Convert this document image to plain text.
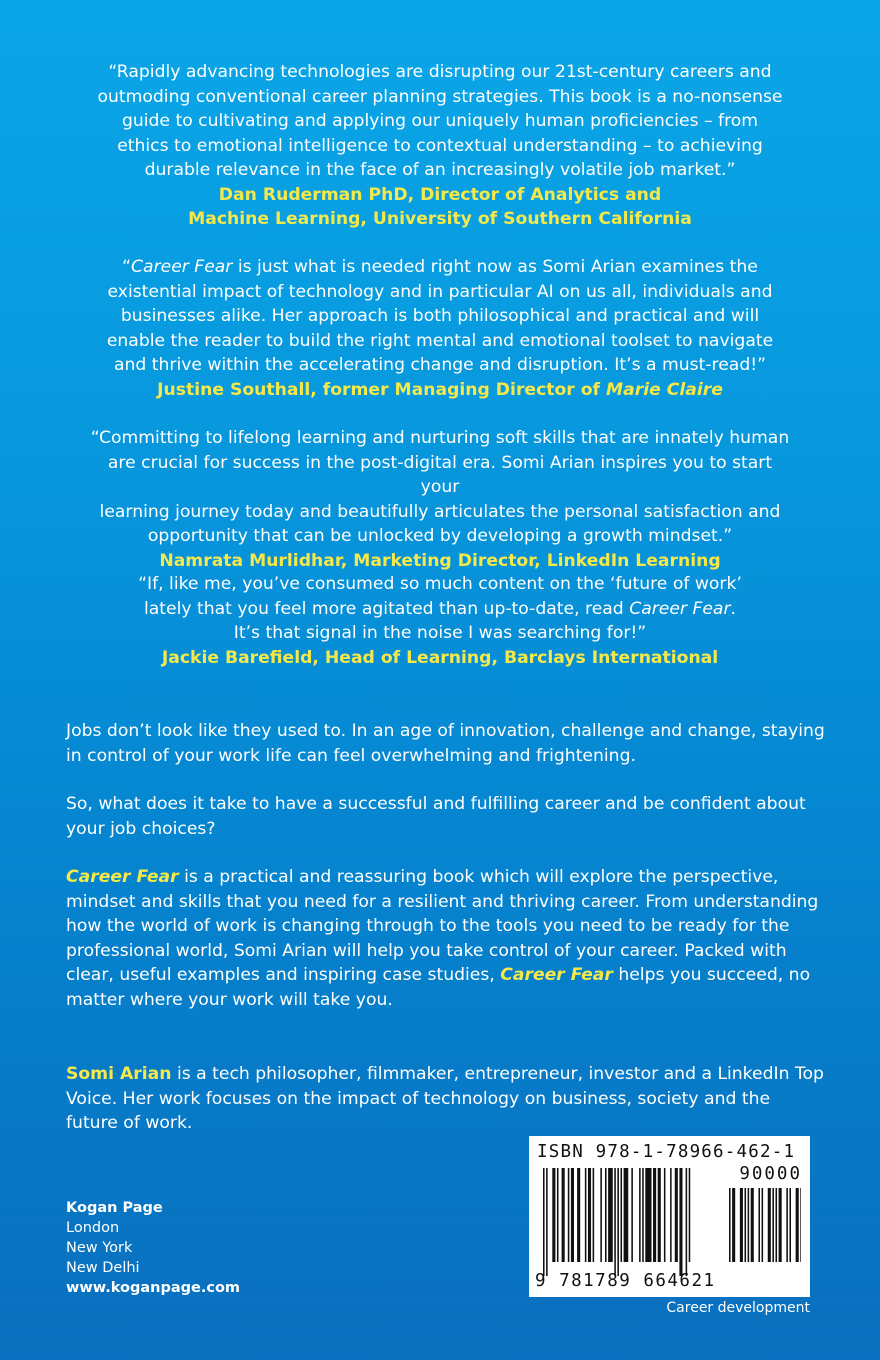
“Rapidly advancing technologies are disrupting our 21st-century careers and

outmoding conventional career planning strategies. This book is a no-nonsense

guide to cultivating and applying our uniquely human proficiencies – from

ethics to emotional intelligence to contextual understanding – to achieving

durable relevance in the face of an increasingly volatile job market.”

Dan Ruderman PhD, Director of Analytics and

Machine Learning, University of Southern California

“Career Fear is just what is needed right now as Somi Arian examines the

existential impact of technology and in particular AI on us all, individuals and

businesses alike. Her approach is both philosophical and practical and will

enable the reader to build the right mental and emotional toolset to navigate

and thrive within the accelerating change and disruption. It’s a must-read!”

Justine Southall, former Managing Director of Marie Claire

“Committing to lifelong learning and nurturing soft skills that are innately human

are crucial for success in the post-digital era. Somi Arian inspires you to start your

learning journey today and beautifully articulates the personal satisfaction and

opportunity that can be unlocked by developing a growth mindset.”

Namrata Murlidhar, Marketing Director, LinkedIn Learning

“If, like me, you’ve consumed so much content on the ‘future of work’

lately that you feel more agitated than up-to-date, read Career Fear.

It’s that signal in the noise I was searching for!”

Jackie Barefield, Head of Learning, Barclays International

Jobs don’t look like they used to. In an age of innovation, challenge and change, staying in control of your work life can feel overwhelming and frightening.

So, what does it take to have a successful and fulfilling career and be confident about your job choices?

Career Fear is a practical and reassuring book which will explore the perspective, mindset and skills that you need for a resilient and thriving career. From understanding how the world of work is changing through to the tools you need to be ready for the professional world, Somi Arian will help you take control of your career. Packed with clear, useful examples and inspiring case studies, Career Fear helps you succeed, no matter where your work will take you.

Somi Arian is a tech philosopher, filmmaker, entrepreneur, investor and a LinkedIn Top Voice. Her work focuses on the impact of technology on business, society and the future of work.

Kogan Page
London
New York
New Delhi
www.koganpage.com
ISBN 978-1-78966-462-1
90000
9 781789 664621
Career development
